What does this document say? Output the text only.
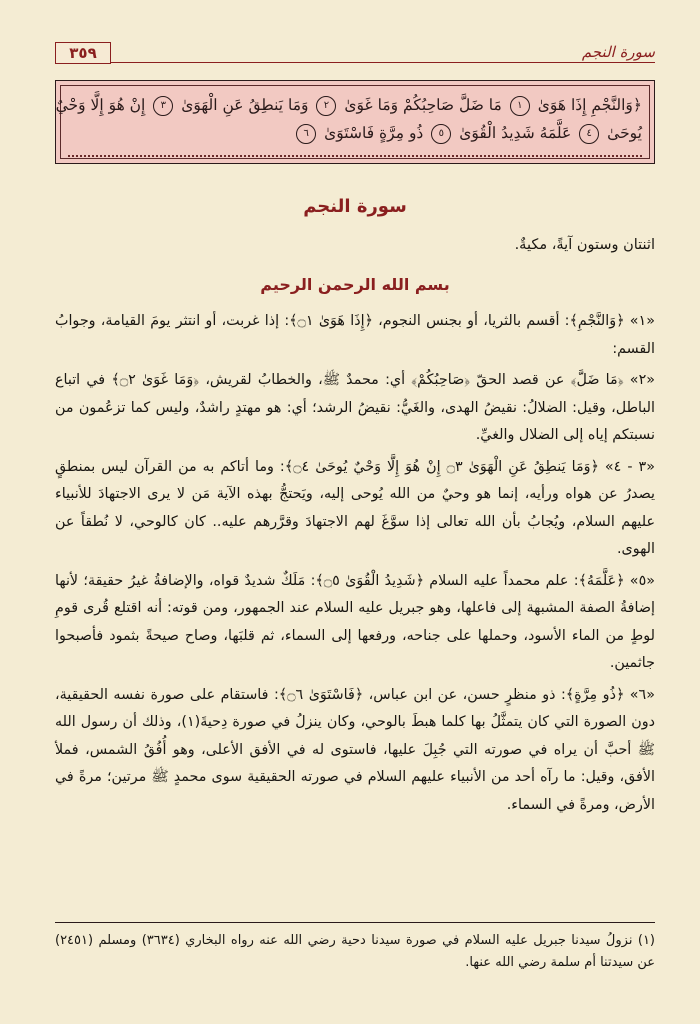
٣٥٩	سورة النجم
﴿وَالنَّجْمِ إِذَا هَوَىٰ ١ مَا ضَلَّ صَاحِبُكُمْ وَمَا غَوَىٰ ٢ وَمَا يَنطِقُ عَنِ الْهَوَىٰ ٣ إِنْ هُوَ إِلَّا وَحْيٌ
يُوحَىٰ ٤ عَلَّمَهُ شَدِيدُ الْقُوَىٰ ٥ ذُو مِرَّةٍ فَاسْتَوَىٰ ٦
سورة النجم
اثنتان وستون آيةً، مكيةٌ.
بسم الله الرحمن الرحيم

«١» ﴿وَالنَّجْمِ﴾: أقسم بالثريا، أو بجنس النجوم، ﴿إِذَا هَوَىٰ ۝١﴾: إذا غربت، أو انتثر يومَ القيامة، وجوابُ القسم:

«٢» ﴿مَا ضَلَّ﴾ عن قصد الحقّ ﴿صَاحِبُكُمْ﴾ أي: محمدٌ ﷺ، والخطابُ لقريش، ﴿وَمَا غَوَىٰ ۝٢﴾ في اتباع الباطل، وقيل: الضلالُ: نقيضُ الهدى، والغَيُّ: نقيضُ الرشد؛ أي: هو مهتدٍ راشدٌ، وليس كما تزعُمون من نسبتكم إياه إلى الضلال والغيِّ.

«٣ - ٤» ﴿وَمَا يَنطِقُ عَنِ الْهَوَىٰ ۝٣ إِنْ هُوَ إِلَّا وَحْيٌ يُوحَىٰ ۝٤﴾: وما أتاكم به من القرآن ليس بمنطقٍ يصدرُ عن هواه ورأيه، إنما هو وحيٌ من الله يُوحى إليه، ويَحتجُّ بهذه الآية مَن لا يرى الاجتهادَ للأنبياء عليهم السلام، ويُجابُ بأن الله تعالى إذا سوَّغَ لهم الاجتهادَ وقرَّرهم عليه.. كان كالوحي، لا نُطقاً عن الهوى.

«٥» ﴿عَلَّمَهُ﴾: علم محمداً عليه السلام ﴿شَدِيدُ الْقُوَىٰ ۝٥﴾: مَلَكٌ شديدٌ قواه، والإضافةُ غيرُ حقيقة؛ لأنها إضافةُ الصفة المشبهة إلى فاعلها، وهو جبريل عليه السلام عند الجمهور، ومن قوته: أنه اقتلع قُرى قومِ لوطٍ من الماء الأسود، وحملها على جناحه، ورفعها إلى السماء، ثم قلبَها، وصاح صيحةً بثمود فأصبحوا جاثمين.

«٦» ﴿ذُو مِرَّةٍ﴾: ذو منظرٍ حسن، عن ابن عباس، ﴿فَاسْتَوَىٰ ۝٦﴾: فاستقام على صورة نفسه الحقيقية، دون الصورة التي كان يتمثَّلُ بها كلما هبطَ بالوحي، وكان ينزلُ في صورة دِحيةَ(١)، وذلك أن رسول الله ﷺ أحبَّ أن يراه في صورته التي جُبِلَ عليها، فاستوى له في الأفق الأعلى، وهو أُفُقُ الشمس، فملأ الأفق، وقيل: ما رآه أحد من الأنبياء عليهم السلام في صورته الحقيقية سوى محمدٍ ﷺ مرتين؛ مرةً في الأرض، ومرةً في السماء.

(١) نزولُ سيدنا جبريل عليه السلام في صورة سيدنا دحية رضي الله عنه رواه البخاري (٣٦٣٤) ومسلم (٢٤٥١) عن سيدتنا أم سلمة رضي الله عنها.
